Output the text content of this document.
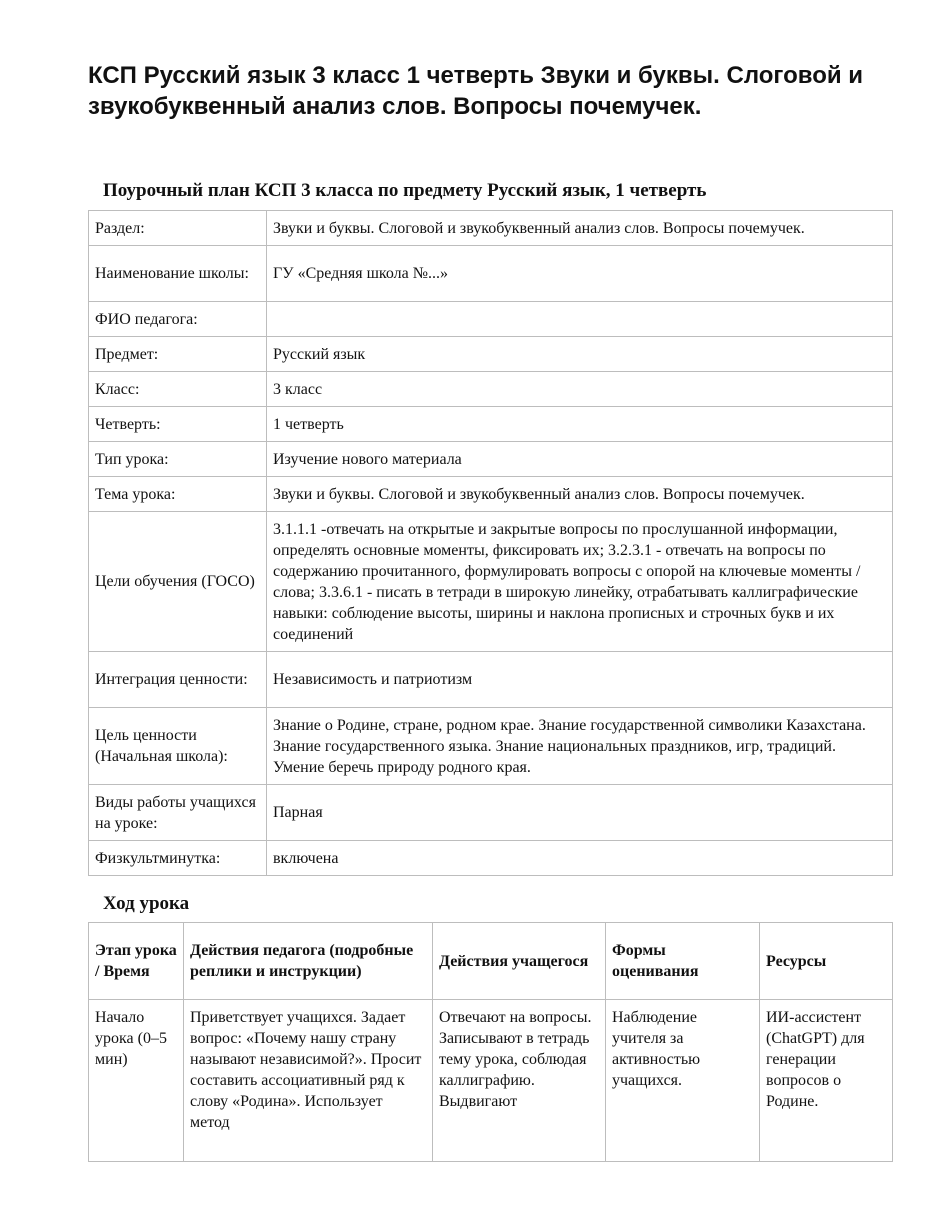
КСП Русский язык 3 класс 1 четверть Звуки и буквы. Слоговой и звукобуквенный анализ слов. Вопросы почемучек.

Поурочный план КСП 3 класса по предмету Русский язык, 1 четверть

Раздел:	Звуки и буквы. Слоговой и звукобуквенный анализ слов. Вопросы почемучек.
Наименование школы:	ГУ «Средняя школа №...»
ФИО педагога:	
Предмет:	Русский язык
Класс:	3 класс
Четверть:	1 четверть
Тип урока:	Изучение нового материала
Тема урока:	Звуки и буквы. Слоговой и звукобуквенный анализ слов. Вопросы почемучек.
Цели обучения (ГОСО)	3.1.1.1 -отвечать на открытые и закрытые вопросы по прослушанной информации, определять основные моменты, фиксировать их; 3.2.3.1 - отвечать на вопросы по содержанию прочитанного, формулировать вопросы с опорой на ключевые моменты / слова; 3.3.6.1 - писать в тетради в широкую линейку, отрабатывать каллиграфические навыки: соблюдение высоты, ширины и наклона прописных и строчных букв и их соединений
Интеграция ценности:	Независимость и патриотизм
Цель ценности (Начальная школа):	Знание о Родине, стране, родном крае. Знание государственной символики Казахстана. Знание государственного языка. Знание национальных праздников, игр, традиций. Умение беречь природу родного края.
Виды работы учащихся на уроке:	Парная
Физкультминутка:	включена

Ход урока

Этап урока / Время	Действия педагога (подробные реплики и инструкции)	Действия учащегося	Формы оценивания	Ресурсы
Начало урока (0–5 мин)	Приветствует учащихся. Задает вопрос: «Почему нашу страну называют независимой?». Просит составить ассоциативный ряд к слову «Родина». Использует метод	Отвечают на вопросы. Записывают в тетрадь тему урока, соблюдая каллиграфию. Выдвигают	Наблюдение учителя за активностью учащихся.	ИИ-ассистент (ChatGPT) для генерации вопросов о Родине.
